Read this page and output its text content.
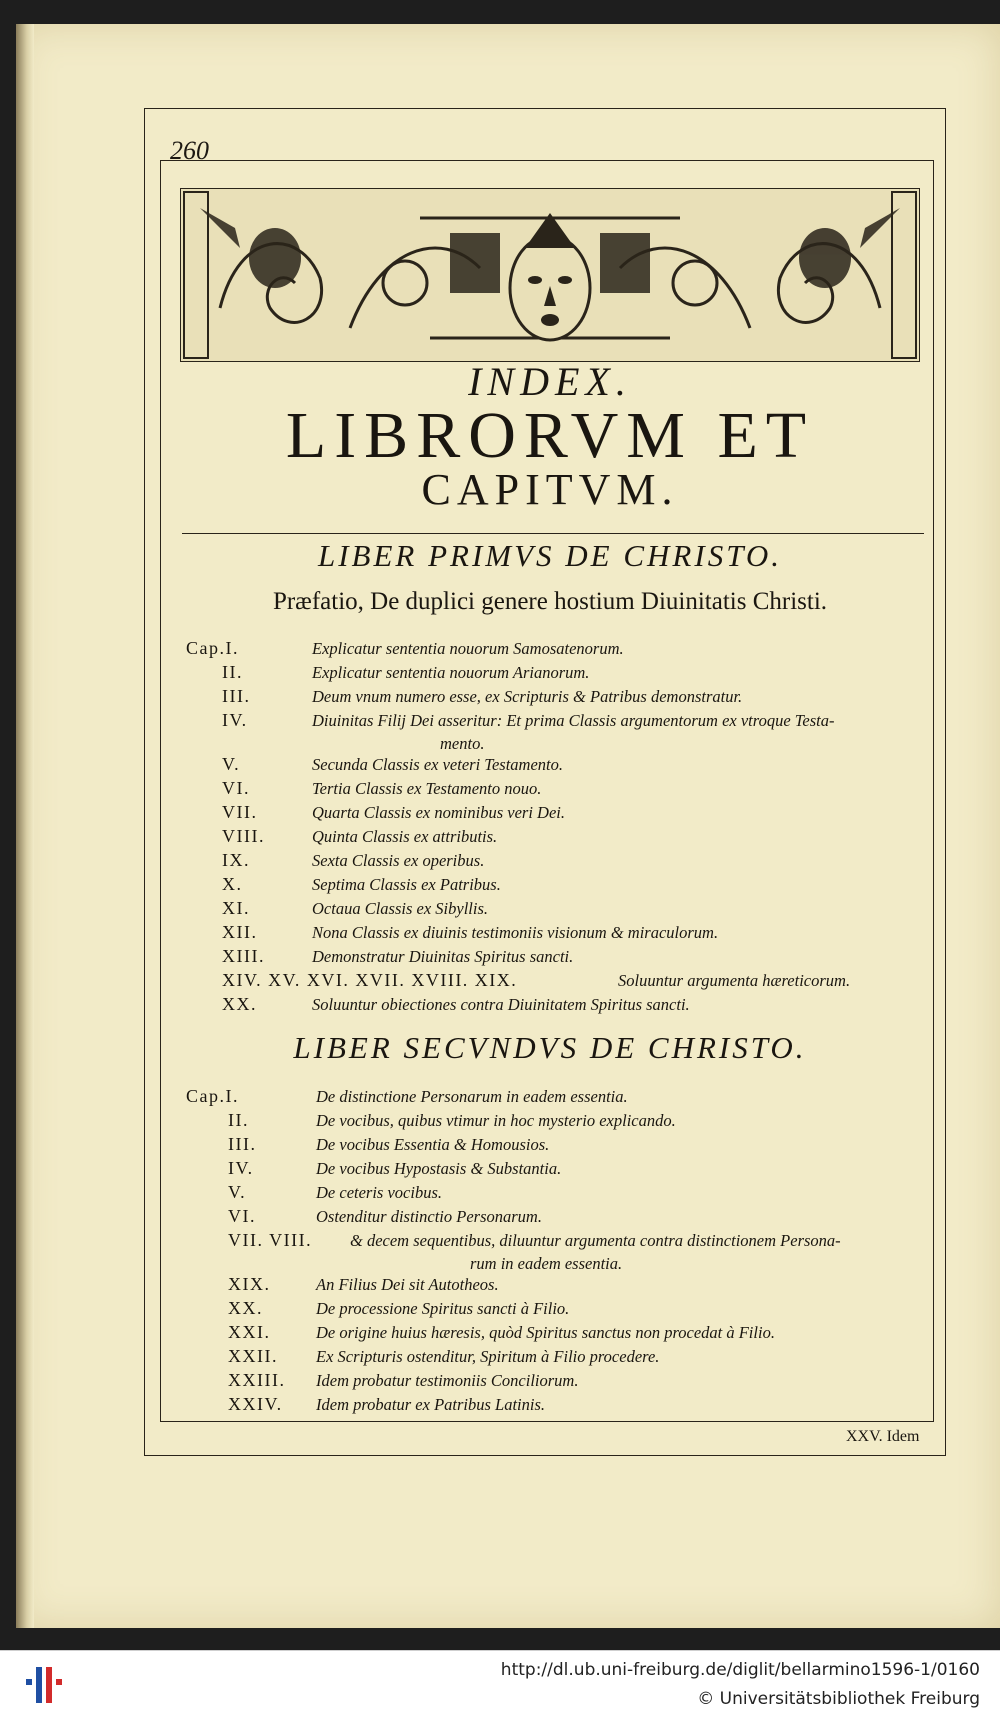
260
INDEX.
LIBRORVM ET
CAPITVM.
LIBER PRIMVS DE CHRISTO.
Præfatio, De duplici genere hostium Diuinitatis Christi.
Cap.I.	Explicatur sententia nouorum Samosatenorum.
II.	Explicatur sententia nouorum Arianorum.
III.	Deum vnum numero esse, ex Scripturis & Patribus demonstratur.
IV.	Diuinitas Filij Dei asseritur: Et prima Classis argumentorum ex vtroque Testa-
mento.
V.	Secunda Classis ex veteri Testamento.
VI.	Tertia Classis ex Testamento nouo.
VII.	Quarta Classis ex nominibus veri Dei.
VIII.	Quinta Classis ex attributis.
IX.	Sexta Classis ex operibus.
X.	Septima Classis ex Patribus.
XI.	Octaua Classis ex Sibyllis.
XII.	Nona Classis ex diuinis testimoniis visionum & miraculorum.
XIII.	Demonstratur Diuinitas Spiritus sancti.
XIV. XV. XVI. XVII. XVIII. XIX.	Soluuntur argumenta hæreticorum.
XX.	Soluuntur obiectiones contra Diuinitatem Spiritus sancti.
LIBER SECVNDVS DE CHRISTO.
Cap.I.	De distinctione Personarum in eadem essentia.
II.	De vocibus, quibus vtimur in hoc mysterio explicando.
III.	De vocibus Essentia & Homousios.
IV.	De vocibus Hypostasis & Substantia.
V.	De ceteris vocibus.
VI.	Ostenditur distinctio Personarum.
VII. VIII. & decem sequentibus, diluuntur argumenta contra distinctionem Persona-
rum in eadem essentia.
XIX.	An Filius Dei sit Autotheos.
XX.	De processione Spiritus sancti à Filio.
XXI.	De origine huius hæresis, quòd Spiritus sanctus non procedat à Filio.
XXII. Ex Scripturis ostenditur, Spiritum à Filio procedere.
XXIII. Idem probatur testimoniis Conciliorum.
XXIV. Idem probatur ex Patribus Latinis.
XXV. Idem
http://dl.ub.uni-freiburg.de/diglit/bellarmino1596-1/0160
© Universitätsbibliothek Freiburg
